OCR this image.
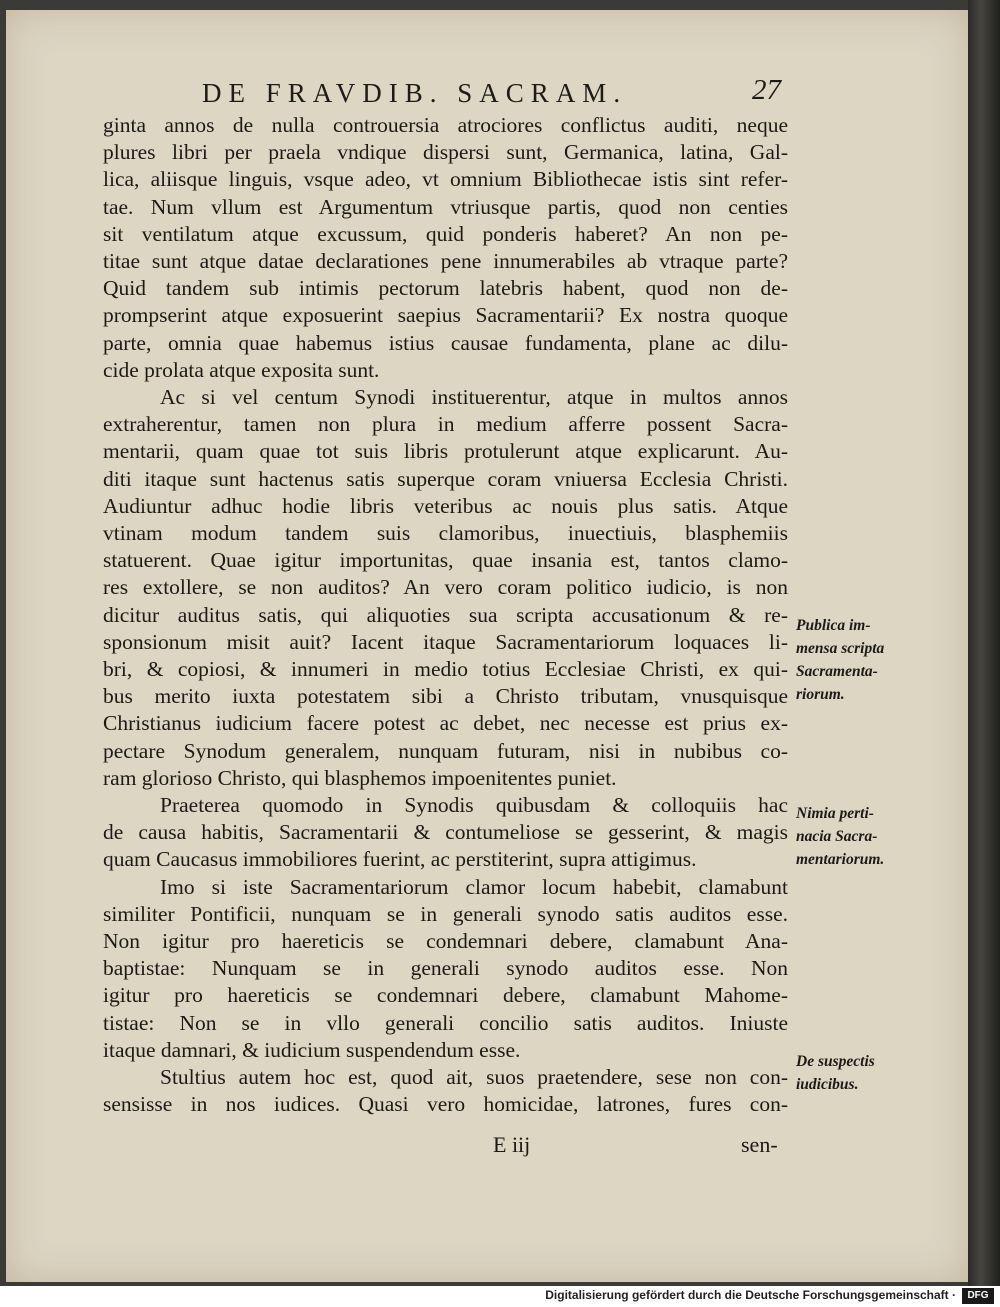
DE FRAVDIB. SACRAM.	27
ginta annos de nulla controuersia atrociores conflictus auditi, neque
plures libri per praela vndique dispersi sunt, Germanica, latina, Gal-
lica, aliisque linguis, vsque adeo, vt omnium Bibliothecae istis sint refer-
tae. Num vllum est Argumentum vtriusque partis, quod non centies
sit ventilatum atque excussum, quid ponderis haberet? An non pe-
titae sunt atque datae declarationes pene innumerabiles ab vtraque parte?
Quid tandem sub intimis pectorum latebris habent, quod non de-
prompserint atque exposuerint saepius Sacramentarii? Ex nostra quoque
parte, omnia quae habemus istius causae fundamenta, plane ac dilu-
cide prolata atque exposita sunt.
Ac si vel centum Synodi instituerentur, atque in multos annos
extraherentur, tamen non plura in medium afferre possent Sacra-
mentarii, quam quae tot suis libris protulerunt atque explicarunt. Au-
diti itaque sunt hactenus satis superque coram vniuersa Ecclesia Christi.
Audiuntur adhuc hodie libris veteribus ac nouis plus satis. Atque
vtinam modum tandem suis clamoribus, inuectiuis, blasphemiis
statuerent. Quae igitur importunitas, quae insania est, tantos clamo-
res extollere, se non auditos? An vero coram politico iudicio, is non
dicitur auditus satis, qui aliquoties sua scripta accusationum & re-
sponsionum misit auit? Iacent itaque Sacramentariorum loquaces li-
bri, & copiosi, & innumeri in medio totius Ecclesiae Christi, ex qui-
bus merito iuxta potestatem sibi a Christo tributam, vnusquisque
Christianus iudicium facere potest ac debet, nec necesse est prius ex-
pectare Synodum generalem, nunquam futuram, nisi in nubibus co-
ram glorioso Christo, qui blasphemos impoenitentes puniet.
Praeterea quomodo in Synodis quibusdam & colloquiis hac
de causa habitis, Sacramentarii & contumeliose se gesserint, & magis
quam Caucasus immobiliores fuerint, ac perstiterint, supra attigimus.
Imo si iste Sacramentariorum clamor locum habebit, clamabunt
similiter Pontificii, nunquam se in generali synodo satis auditos esse.
Non igitur pro haereticis se condemnari debere, clamabunt Ana-
baptistae: Nunquam se in generali synodo auditos esse. Non
igitur pro haereticis se condemnari debere, clamabunt Mahome-
tistae: Non se in vllo generali concilio satis auditos. Iniuste
itaque damnari, & iudicium suspendendum esse.
Stultius autem hoc est, quod ait, suos praetendere, sese non con-
sensisse in nos iudices. Quasi vero homicidae, latrones, fures con-
Publica im-
mensa scripta
Sacramenta-
riorum.
Nimia perti-
nacia Sacra-
mentariorum.
De suspectis
iudicibus.
E iij	sen-
Digitalisierung gefördert durch die Deutsche Forschungsgemeinschaft ·	DFG
